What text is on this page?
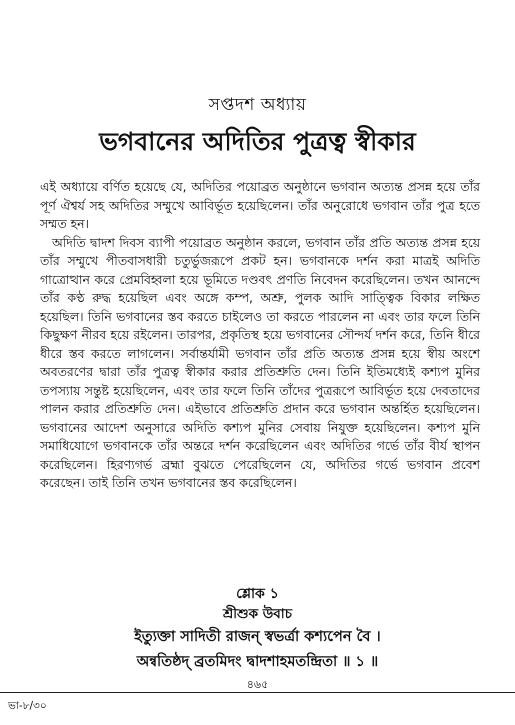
সপ্তদশ অধ্যায়
ভগবানের অদিতির পুত্রত্ব স্বীকার

এই অধ্যায়ে বর্ণিত হয়েছে যে, অদিতির পয়োব্রত অনুষ্ঠানে ভগবান অত্যন্ত প্রসন্ন হয়ে তাঁর পূর্ণ ঐশ্বর্য সহ অদিতির সম্মুখে আবির্ভূত হয়েছিলেন। তাঁর অনুরোধে ভগবান তাঁর পুত্র হতে সম্মত হন।

অদিতি দ্বাদশ দিবস ব্যাপী পয়োব্রত অনুষ্ঠান করলে, ভগবান তাঁর প্রতি অত্যন্ত প্রসন্ন হয়ে তাঁর সম্মুখে পীতবাসধারী চতুর্ভুজরূপে প্রকট হন। ভগবানকে দর্শন করা মাত্রই অদিতি গাত্রোত্থান করে প্রেমবিহ্বলা হয়ে ভূমিতে দণ্ডবৎ প্রণতি নিবেদন করেছিলেন। তখন আনন্দে তাঁর কণ্ঠ রুদ্ধ হয়েছিল এবং অঙ্গে কম্প, অশ্রু, পুলক আদি সাত্ত্বিক বিকার লক্ষিত হয়েছিল। তিনি ভগবানের স্তব করতে চাইলেও তা করতে পারলেন না এবং তার ফলে তিনি কিছুক্ষণ নীরব হয়ে রইলেন। তারপর, প্রকৃতিস্থ হয়ে ভগবানের সৌন্দর্য দর্শন করে, তিনি ধীরে ধীরে স্তব করতে লাগলেন। সর্বান্তর্যামী ভগবান তাঁর প্রতি অত্যন্ত প্রসন্ন হয়ে স্বীয় অংশে অবতরণের দ্বারা তাঁর পুত্রত্ব স্বীকার করার প্রতিশ্রুতি দেন। তিনি ইতিমধ্যেই কশ্যপ মুনির তপস্যায় সন্তুষ্ট হয়েছিলেন, এবং তার ফলে তিনি তাঁদের পুত্ররূপে আবির্ভূত হয়ে দেবতাদের পালন করার প্রতিশ্রুতি দেন। এইভাবে প্রতিশ্রুতি প্রদান করে ভগবান অন্তর্হিত হয়েছিলেন। ভগবানের আদেশ অনুসারে অদিতি কশ্যপ মুনির সেবায় নিযুক্ত হয়েছিলেন। কশ্যপ মুনি সমাধিযোগে ভগবানকে তাঁর অন্তরে দর্শন করেছিলেন এবং অদিতির গর্ভে তাঁর বীর্য স্থাপন করেছিলেন। হিরণ্যগর্ভ ব্রহ্মা বুঝতে পেরেছিলেন যে, অদিতির গর্ভে ভগবান প্রবেশ করেছেন। তাই তিনি তখন ভগবানের স্তব করেছিলেন।

শ্লোক ১
শ্রীশুক উবাচ
ইত্যুক্তা সাদিতী রাজন্ স্বভর্ত্রা কশ্যপেন বৈ ।
অন্বতিষ্ঠদ্ ব্রতমিদং দ্বাদশাহমতন্দ্রিতা ॥ ১ ॥
৪৬৫
ভা-৮/৩০
